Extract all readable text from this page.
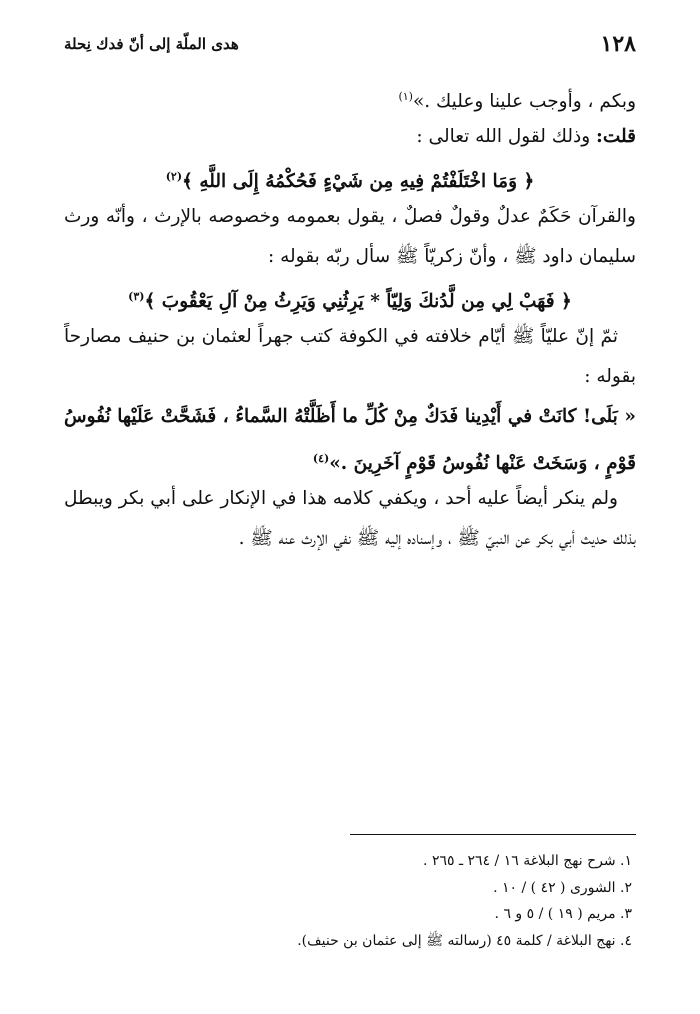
١٢٨
هدى الملّة إلى أنّ فدك نِحلة
وبكم ، وأوجب علينا وعليك .»$^{(١)}$
قلت: وذلك لقول الله تعالى :
﴿ وَمَا اخْتَلَفْتُمْ فِيهِ مِن شَيْءٍ فَحُكْمُهُ إِلَى اللَّهِ ﴾$^{(٢)}$
والقرآن حَكَمٌ عدلٌ وقولٌ فصلٌ ، يقول بعمومه وخصوصه بالإرث ، وأنّه ورث
سليمان داود ﷺ ، وأنّ زكريّاً ﷺ سأل ربّه بقوله :
﴿ فَهَبْ لِي مِن لَّدُنكَ وَلِيّاً * يَرِثُنِي وَيَرِثُ مِنْ آلِ يَعْقُوبَ ﴾$^{(٣)}$
ثمّ إنّ عليّاً ﷺ أيّام خلافته في الكوفة كتب جهراً لعثمان بن حنيف مصارحاً
بقوله :
« بَلَى! كانَتْ في أَيْدِينا فَدَكٌ مِنْ كُلِّ ما أَظَلَّتْهُ السَّماءُ ، فَشَحَّتْ عَلَيْها نُفُوسُ
قَوْمٍ ، وَسَخَتْ عَنْها نُفُوسُ قَوْمٍ آخَرِينَ .»$^{(٤)}$
ولم ينكر أيضاً عليه أحد ، ويكفي كلامه هذا في الإنكار على أبي بكر ويبطل
بذلك حديث أبي بكر عن النبيّ ﷺ ، وإسناده إليه ﷺ نفي الإرث عنه ﷺ .
١. شرح نهج البلاغة ١٦ / ٢٦٤ ـ ٢٦٥ .
٢. الشورى ( ٤٢ ) / ١٠ .
٣. مريم ( ١٩ ) / ٥ و ٦ .
٤. نهج البلاغة / كلمة ٤٥ (رسالته ﷺ إلى عثمان بن حنيف).
